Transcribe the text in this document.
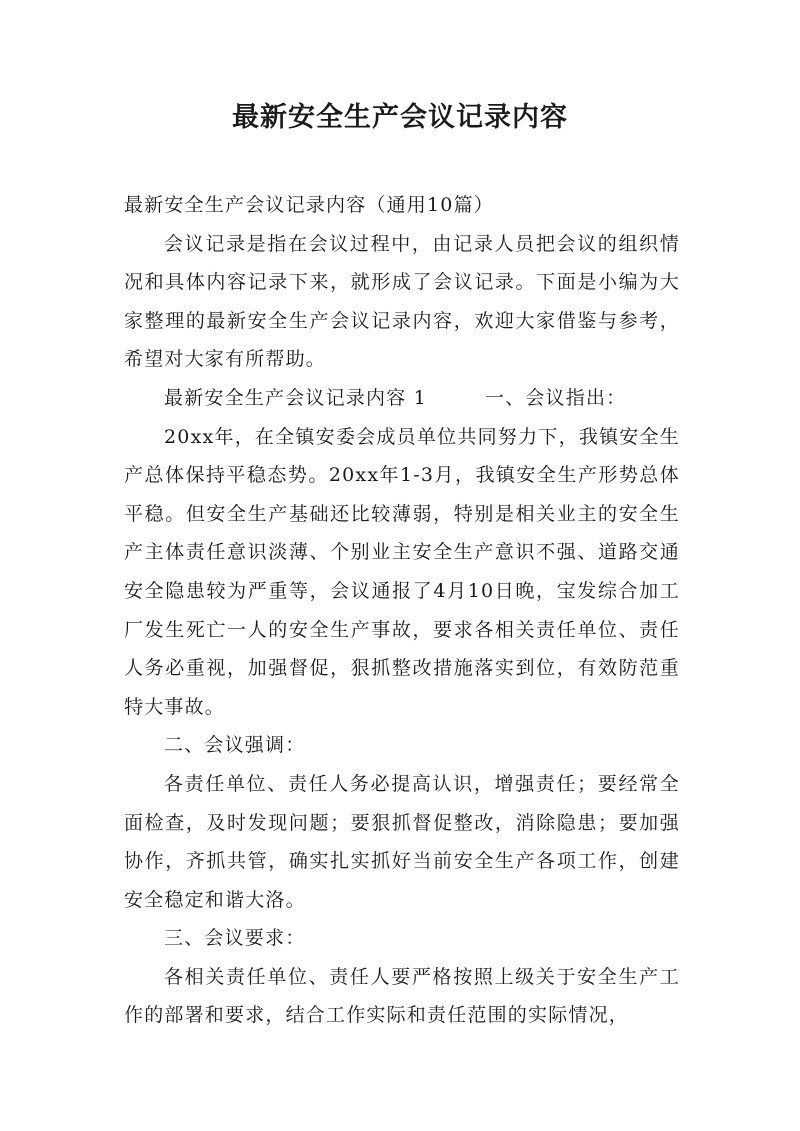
最新安全生产会议记录内容

最新安全生产会议记录内容（通用10篇）

会议记录是指在会议过程中，由记录人员把会议的组织情况和具体内容记录下来，就形成了会议记录。下面是小编为大家整理的最新安全生产会议记录内容，欢迎大家借鉴与参考，希望对大家有所帮助。

最新安全生产会议记录内容 1	一、会议指出：

20xx年，在全镇安委会成员单位共同努力下，我镇安全生产总体保持平稳态势。20xx年1-3月，我镇安全生产形势总体平稳。但安全生产基础还比较薄弱，特别是相关业主的安全生产主体责任意识淡薄、个别业主安全生产意识不强、道路交通安全隐患较为严重等，会议通报了4月10日晚，宝发综合加工厂发生死亡一人的安全生产事故，要求各相关责任单位、责任人务必重视，加强督促，狠抓整改措施落实到位，有效防范重特大事故。

二、会议强调：

各责任单位、责任人务必提高认识，增强责任；要经常全面检查，及时发现问题；要狠抓督促整改，消除隐患；要加强协作，齐抓共管，确实扎实抓好当前安全生产各项工作，创建安全稳定和谐大洛。

三、会议要求：

各相关责任单位、责任人要严格按照上级关于安全生产工作的部署和要求，结合工作实际和责任范围的实际情况，
